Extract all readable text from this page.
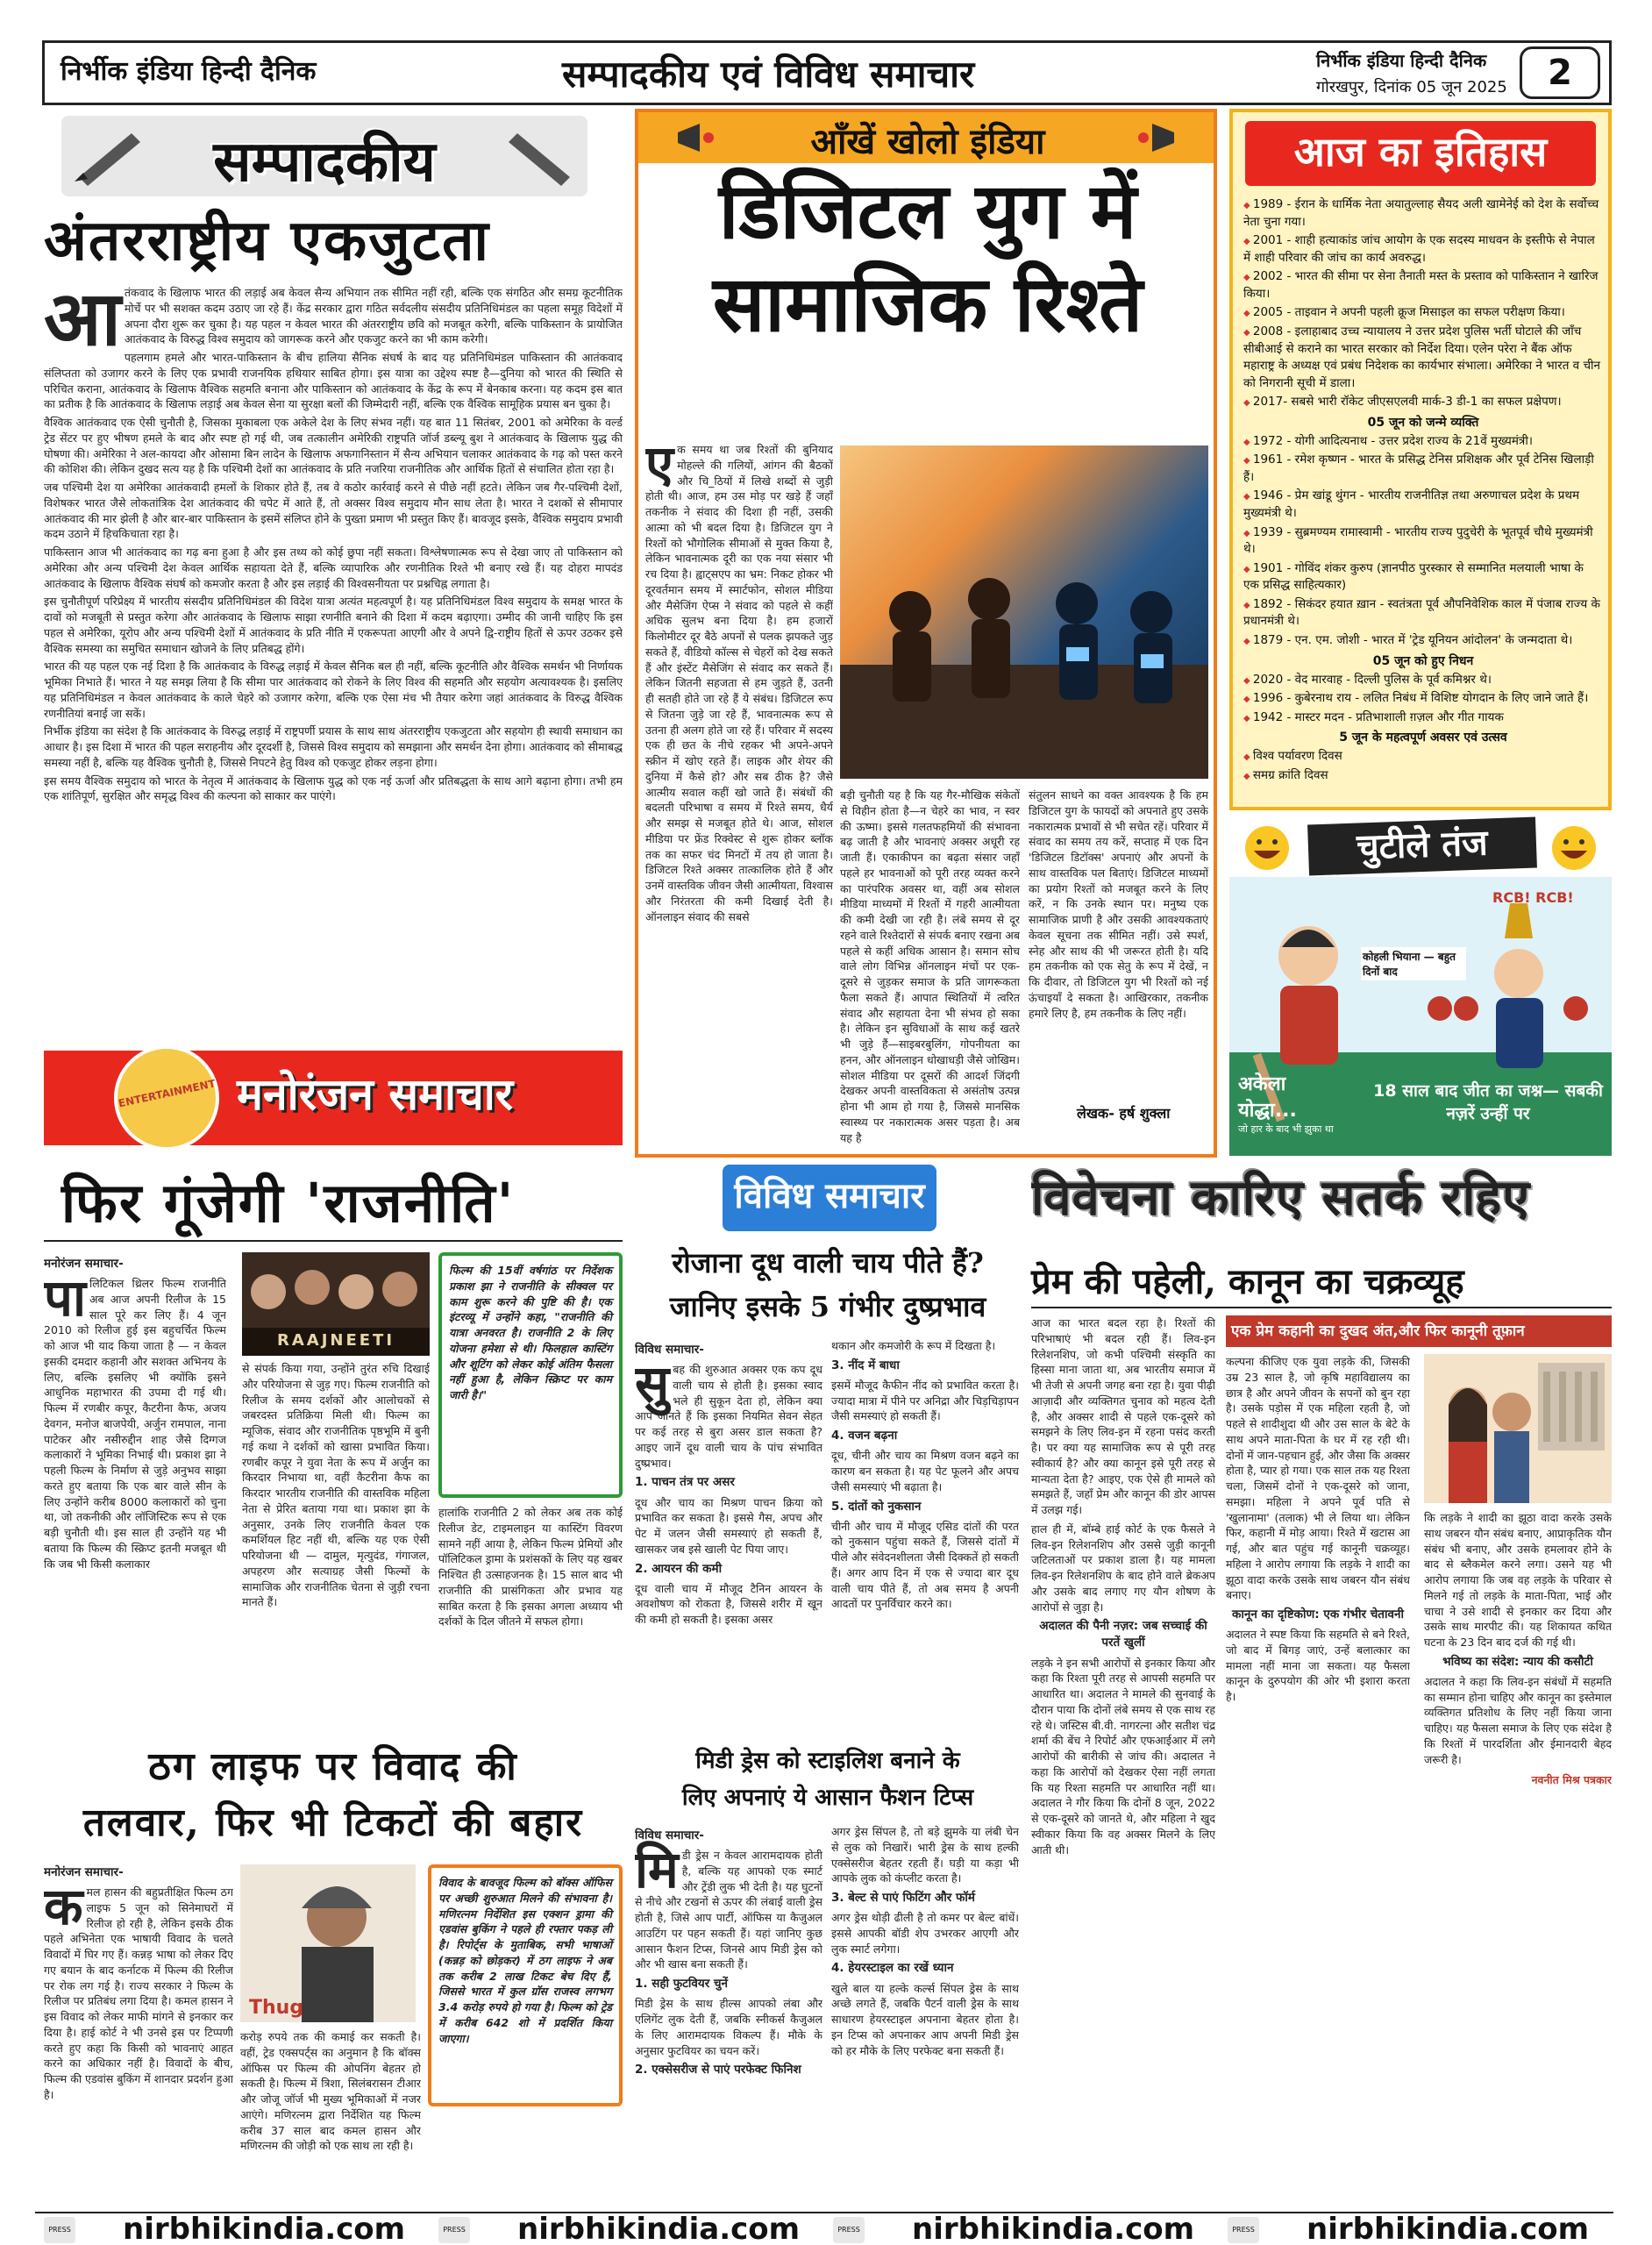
निर्भीक इंडिया हिन्दी दैनिक	सम्पादकीय एवं विविध समाचार	निर्भीक इंडिया हिन्दी दैनिक
गोरखपुर, दिनांक 05 जून 2025	2
सम्पादकीय
अंतरराष्ट्रीय एकजुटता
आ तंकवाद के खिलाफ भारत की लड़ाई अब केवल सैन्य अभियान तक सीमित नहीं रही, बल्कि एक संगठित और समग्र कूटनीतिक मोर्चे पर भी सशक्त कदम उठाए जा रहे हैं। केंद्र सरकार द्वारा गठित सर्वदलीय संसदीय प्रतिनिधिमंडल का पहला समूह विदेशों में अपना दौरा शुरू कर चुका है। यह पहल न केवल भारत की अंतरराष्ट्रीय छवि को मजबूत करेगी, बल्कि पाकिस्तान के प्रायोजित आतंकवाद के विरुद्ध विश्व समुदाय को जागरूक करने और एकजुट करने का भी काम करेगी।

पहलगाम हमले और भारत-पाकिस्तान के बीच हालिया सैनिक संघर्ष के बाद यह प्रतिनिधिमंडल पाकिस्तान की आतंकवाद संलिप्तता को उजागर करने के लिए एक प्रभावी राजनयिक हथियार साबित होगा। इस यात्रा का उद्देश्य स्पष्ट है—दुनिया को भारत की स्थिति से परिचित कराना, आतंकवाद के खिलाफ वैश्विक सहमति बनाना और पाकिस्तान को आतंकवाद के केंद्र के रूप में बेनकाब करना। यह कदम इस बात का प्रतीक है कि आतंकवाद के खिलाफ लड़ाई अब केवल सेना या सुरक्षा बलों की जिम्मेदारी नहीं, बल्कि एक वैश्विक सामूहिक प्रयास बन चुका है।

वैश्विक आतंकवाद एक ऐसी चुनौती है, जिसका मुकाबला एक अकेले देश के लिए संभव नहीं। यह बात 11 सितंबर, 2001 को अमेरिका के वर्ल्ड ट्रेड सेंटर पर हुए भीषण हमले के बाद और स्पष्ट हो गई थी, जब तत्कालीन अमेरिकी राष्ट्रपति जॉर्ज डब्ल्यू बुश ने आतंकवाद के खिलाफ युद्ध की घोषणा की। अमेरिका ने अल-कायदा और ओसामा बिन लादेन के खिलाफ अफगानिस्तान में सैन्य अभियान चलाकर आतंकवाद के गढ़ को पस्त करने की कोशिश की। लेकिन दुखद सत्य यह है कि पश्चिमी देशों का आतंकवाद के प्रति नजरिया राजनीतिक और आर्थिक हितों से संचालित होता रहा है।

जब पश्चिमी देश या अमेरिका आतंकवादी हमलों के शिकार होते हैं, तब वे कठोर कार्रवाई करने से पीछे नहीं हटते। लेकिन जब गैर-पश्चिमी देशों, विशेषकर भारत जैसे लोकतांत्रिक देश आतंकवाद की चपेट में आते हैं, तो अक्सर विश्व समुदाय मौन साध लेता है। भारत ने दशकों से सीमापार आतंकवाद की मार झेली है और बार-बार पाकिस्तान के इसमें संलिप्त होने के पुख्ता प्रमाण भी प्रस्तुत किए हैं। बावजूद इसके, वैश्विक समुदाय प्रभावी कदम उठाने में हिचकिचाता रहा है।

पाकिस्तान आज भी आतंकवाद का गढ़ बना हुआ है और इस तथ्य को कोई छुपा नहीं सकता। विश्लेषणात्मक रूप से देखा जाए तो पाकिस्तान को अमेरिका और अन्य पश्चिमी देश केवल आर्थिक सहायता देते हैं, बल्कि व्यापारिक और रणनीतिक रिश्ते भी बनाए रखे हैं। यह दोहरा मापदंड आतंकवाद के खिलाफ वैश्विक संघर्ष को कमजोर करता है और इस लड़ाई की विश्वसनीयता पर प्रश्नचिह्न लगाता है।

इस चुनौतीपूर्ण परिप्रेक्ष्य में भारतीय संसदीय प्रतिनिधिमंडल की विदेश यात्रा अत्यंत महत्वपूर्ण है। यह प्रतिनिधिमंडल विश्व समुदाय के समक्ष भारत के दावों को मजबूती से प्रस्तुत करेगा और आतंकवाद के खिलाफ साझा रणनीति बनाने की दिशा में कदम बढ़ाएगा। उम्मीद की जानी चाहिए कि इस पहल से अमेरिका, यूरोप और अन्य पश्चिमी देशों में आतंकवाद के प्रति नीति में एकरूपता आएगी और वे अपने द्वि-राष्ट्रीय हितों से ऊपर उठकर इसे वैश्विक समस्या का समुचित समाधान खोजने के लिए प्रतिबद्ध होंगे।

भारत की यह पहल एक नई दिशा है कि आतंकवाद के विरुद्ध लड़ाई में केवल सैनिक बल ही नहीं, बल्कि कूटनीति और वैश्विक समर्थन भी निर्णायक भूमिका निभाते हैं। भारत ने यह समझ लिया है कि सीमा पार आतंकवाद को रोकने के लिए विश्व की सहमति और सहयोग अत्यावश्यक है। इसलिए यह प्रतिनिधिमंडल न केवल आतंकवाद के काले चेहरे को उजागर करेगा, बल्कि एक ऐसा मंच भी तैयार करेगा जहां आतंकवाद के विरुद्ध वैश्विक रणनीतियां बनाई जा सकें।

निर्भीक इंडिया का संदेश है कि आतंकवाद के विरुद्ध लड़ाई में राष्ट्रपर्णी प्रयास के साथ साथ अंतरराष्ट्रीय एकजुटता और सहयोग ही स्थायी समाधान का आधार है। इस दिशा में भारत की पहल सराहनीय और दूरदर्शी है, जिससे विश्व समुदाय को समझाना और समर्थन देना होगा। आतंकवाद को सीमाबद्ध समस्या नहीं है, बल्कि यह वैश्विक चुनौती है, जिससे निपटने हेतु विश्व को एकजुट होकर लड़ना होगा।

इस समय वैश्विक समुदाय को भारत के नेतृत्व में आतंकवाद के खिलाफ युद्ध को एक नई ऊर्जा और प्रतिबद्धता के साथ आगे बढ़ाना होगा। तभी हम एक शांतिपूर्ण, सुरक्षित और समृद्ध विश्व की कल्पना को साकार कर पाएंगे।

आँखें खोलो इंडिया
डिजिटल युग में
सामाजिक रिश्ते
ए क समय था जब रिश्तों की बुनियाद मोहल्ले की गलियों, आंगन की बैठकों और चि_ठियों में लिखे शब्दों से जुड़ी होती थी। आज, हम उस मोड़ पर खड़े हैं जहाँ तकनीक ने संवाद की दिशा ही नहीं, उसकी आत्मा को भी बदल दिया है। डिजिटल युग ने रिश्तों को भौगोलिक सीमाओं से मुक्त किया है, लेकिन भावनात्मक दूरी का एक नया संसार भी रच दिया है। ह्वाट्सएप का भ्रम: निकट होकर भी दूरवर्तमान समय में स्मार्टफोन, सोशल मीडिया और मैसेजिंग ऐप्स ने संवाद को पहले से कहीं अधिक सुलभ बना दिया है। हम हजारों किलोमीटर दूर बैठे अपनों से पलक झपकते जुड़ सकते हैं, वीडियो कॉल्स से चेहरों को देख सकते हैं और इंस्टेंट मैसेजिंग से संवाद कर सकते हैं। लेकिन जितनी सहजता से हम जुड़ते हैं, उतनी ही सतही होते जा रहे हैं ये संबंध। डिजिटल रूप से जितना जुड़े जा रहे हैं, भावनात्मक रूप से उतना ही अलग होते जा रहे हैं। परिवार में सदस्य एक ही छत के नीचे रहकर भी अपने-अपने स्क्रीन में खोए रहते हैं। लाइक और शेयर की दुनिया में कैसे हो? और सब ठीक है? जैसे आत्मीय सवाल कहीं खो जाते हैं। संबंधों की बदलती परिभाषा व समय में रिश्ते समय, धैर्य और समझ से मजबूत होते थे। आज, सोशल मीडिया पर फ्रेंड रिक्वेस्ट से शुरू होकर ब्लॉक तक का सफर चंद मिनटों में तय हो जाता है। डिजिटल रिश्ते अक्सर तात्कालिक होते हैं और उनमें वास्तविक जीवन जैसी आत्मीयता, विश्वास और निरंतरता की कमी दिखाई देती है। ऑनलाइन संवाद की सबसे
बड़ी चुनौती यह है कि यह गैर-मौखिक संकेतों से विहीन होता है—न चेहरे का भाव, न स्वर की ऊष्मा। इससे गलतफहमियों की संभावना बढ़ जाती है और भावनाएं अक्सर अधूरी रह जाती हैं। एकाकीपन का बढ़ता संसार जहाँ पहले हर भावनाओं को पूरी तरह व्यक्त करने का पारंपरिक अवसर था, वहीं अब सोशल मीडिया माध्यमों में रिश्तों में गहरी आत्मीयता की कमी देखी जा रही है। लंबे समय से दूर रहने वाले रिश्तेदारों से संपर्क बनाए रखना अब पहले से कहीं अधिक आसान है। समान सोच वाले लोग विभिन्न ऑनलाइन मंचों पर एक-दूसरे से जुड़कर समाज के प्रति जागरूकता फैला सकते हैं। आपात स्थितियों में त्वरित संवाद और सहायता देना भी संभव हो सका है। लेकिन इन सुविधाओं के साथ कई खतरे भी जुड़े हैं—साइबरबुलिंग, गोपनीयता का हनन, और ऑनलाइन धोखाधड़ी जैसे जोखिम। सोशल मीडिया पर दूसरों की आदर्श जिंदगी देखकर अपनी वास्तविकता से असंतोष उत्पन्न होना भी आम हो गया है, जिससे मानसिक स्वास्थ्य पर नकारात्मक असर पड़ता है। अब यह है
संतुलन साधने का वक्त आवश्यक है कि हम डिजिटल युग के फायदों को अपनाते हुए उसके नकारात्मक प्रभावों से भी सचेत रहें। परिवार में संवाद का समय तय करें, सप्ताह में एक दिन 'डिजिटल डिटॉक्स' अपनाएं और अपनों के साथ वास्तविक पल बिताएं। डिजिटल माध्यमों का प्रयोग रिश्तों को मजबूत करने के लिए करें, न कि उनके स्थान पर। मनुष्य एक सामाजिक प्राणी है और उसकी आवश्यकताएं केवल सूचना तक सीमित नहीं। उसे स्पर्श, स्नेह और साथ की भी जरूरत होती है। यदि हम तकनीक को एक सेतु के रूप में देखें, न कि दीवार, तो डिजिटल युग भी रिश्तों को नई ऊंचाइयाँ दे सकता है। आखिरकार, तकनीक हमारे लिए है, हम तकनीक के लिए नहीं।
लेखक- हर्ष शुक्ला
आज का इतिहास
◆ 1989 - ईरान के धार्मिक नेता अयातुल्लाह सैयद अली खामेनेई को देश के सर्वोच्च नेता चुना गया।
◆ 2001 - शाही हत्याकांड जांच आयोग के एक सदस्य माधवन के इस्तीफे से नेपाल में शाही परिवार की जांच का कार्य अवरुद्ध।
◆ 2002 - भारत की सीमा पर सेना तैनाती मस्त के प्रस्ताव को पाकिस्तान ने खारिज किया।
◆ 2005 - ताइवान ने अपनी पहली क्रूज मिसाइल का सफल परीक्षण किया।
◆ 2008 - इलाहाबाद उच्च न्यायालय ने उत्तर प्रदेश पुलिस भर्ती घोटाले की जाँच सीबीआई से कराने का भारत सरकार को निर्देश दिया। एलेन परेरा ने बैंक ऑफ महाराष्ट्र के अध्यक्ष एवं प्रबंध निदेशक का कार्यभार संभाला। अमेरिका ने भारत व चीन को निगरानी सूची में डाला।
◆ 2017- सबसे भारी रॉकेट जीएसएलवी मार्क-3 डी-1 का सफल प्रक्षेपण।
05 जून को जन्मे व्यक्ति
◆ 1972 - योगी आदित्यनाथ - उत्तर प्रदेश राज्य के 21वें मुख्यमंत्री।
◆ 1961 - रमेश कृष्णन - भारत के प्रसिद्ध टेनिस प्रशिक्षक और पूर्व टेनिस खिलाड़ी हैं।
◆ 1946 - प्रेम खांडू थुंगन - भारतीय राजनीतिज्ञ तथा अरुणाचल प्रदेश के प्रथम मुख्यमंत्री थे।
◆ 1939 - सुब्रमण्यम रामास्वामी - भारतीय राज्य पुदुचेरी के भूतपूर्व चौथे मुख्यमंत्री थे।
◆ 1901 - गोविंद शंकर कुरुप (ज्ञानपीठ पुरस्कार से सम्मानित मलयाली भाषा के एक प्रसिद्ध साहित्यकार)
◆ 1892 - सिकंदर हयात ख़ान - स्वतंत्रता पूर्व औपनिवेशिक काल में पंजाब राज्य के प्रधानमंत्री थे।
◆ 1879 - एन. एम. जोशी - भारत में 'ट्रेड यूनियन आंदोलन' के जन्मदाता थे।
05 जून को हुए निधन
◆ 2020 - वेद मारवाह - दिल्ली पुलिस के पूर्व कमिश्नर थे।
◆ 1996 - कुबेरनाथ राय - ललित निबंध में विशिष्ट योगदान के लिए जाने जाते हैं।
◆ 1942 - मास्टर मदन - प्रतिभाशाली ग़ज़ल और गीत गायक
5 जून के महत्वपूर्ण अवसर एवं उत्सव
◆ विश्व पर्यावरण दिवस
◆ समग्र क्रांति दिवस
चुटीले तंज
RCB! RCB!
कोहली भियाना — बहुत दिनों बाद
अकेला योद्धा...
जो हार के बाद भी झुका था
18 साल बाद जीत का जश्न— सबकी नज़रें उन्हीं पर
ENTERTAINMENT मनोरंजन समाचार
फिर गूंजेगी 'राजनीति'
मनोरंजन समाचार-
पा लिटिकल थ्रिलर फिल्म राजनीति अब आज अपनी रिलीज के 15 साल पूरे कर लिए हैं। 4 जून 2010 को रिलीज हुई इस बहुचर्चित फिल्म को आज भी याद किया जाता है — न केवल इसकी दमदार कहानी और सशक्त अभिनय के लिए, बल्कि इसलिए भी क्योंकि इसने आधुनिक महाभारत की उपमा दी गई थी। फिल्म में रणबीर कपूर, कैटरीना कैफ, अजय देवगन, मनोज बाजपेयी, अर्जुन रामपाल, नाना पाटेकर और नसीरुद्दीन शाह जैसे दिग्गज कलाकारों ने भूमिका निभाई थी। प्रकाश झा ने पहली फिल्म के निर्माण से जुड़े अनुभव साझा करते हुए बताया कि एक बार वाले सीन के लिए उन्होंने करीब 8000 कलाकारों को चुना था, जो तकनीकी और लॉजिस्टिक रूप से एक बड़ी चुनौती थी। इस साल ही उन्होंने यह भी बताया कि फिल्म की स्क्रिप्ट इतनी मजबूत थी कि जब भी किसी कलाकार
RAAJNEETI
फिल्म की 15वीं वर्षगांठ पर निर्देशक प्रकाश झा ने राजनीति के सीक्वल पर काम शुरू करने की पुष्टि की है। एक इंटरव्यू में उन्होंने कहा, "राजनीति की यात्रा अनवरत है। राजनीति 2 के लिए योजना हमेशा से थी। फिलहाल कास्टिंग और शूटिंग को लेकर कोई अंतिम फैसला नहीं हुआ है, लेकिन स्क्रिप्ट पर काम जारी है।"
से संपर्क किया गया, उन्होंने तुरंत रुचि दिखाई और परियोजना से जुड़ गए। फिल्म राजनीति को रिलीज के समय दर्शकों और आलोचकों से जबरदस्त प्रतिक्रिया मिली थी। फिल्म का म्यूजिक, संवाद और राजनीतिक पृष्ठभूमि में बुनी गई कथा ने दर्शकों को खासा प्रभावित किया। रणबीर कपूर ने युवा नेता के रूप में अर्जुन का किरदार निभाया था, वहीं कैटरीना कैफ का किरदार भारतीय राजनीति की वास्तविक महिला नेता से प्रेरित बताया गया था। प्रकाश झा के अनुसार, उनके लिए राजनीति केवल एक कमर्शियल हिट नहीं थी, बल्कि यह एक ऐसी परियोजना थी — दामुल, मृत्युदंड, गंगाजल, अपहरण और सत्याग्रह जैसी फिल्मों के सामाजिक और राजनीतिक चेतना से जुड़ी रचना मानते हैं।
हालांकि राजनीति 2 को लेकर अब तक कोई रिलीज डेट, टाइमलाइन या कास्टिंग विवरण सामने नहीं आया है, लेकिन फिल्म प्रेमियों और पॉलिटिकल ड्रामा के प्रशंसकों के लिए यह खबर निश्चित ही उत्साहजनक है। 15 साल बाद भी राजनीति की प्रासंगिकता और प्रभाव यह साबित करता है कि इसका अगला अध्याय भी दर्शकों के दिल जीतने में सफल होगा।
ठग लाइफ पर विवाद की
तलवार, फिर भी टिकटों की बहार
मनोरंजन समाचार-
क मल हासन की बहुप्रतीक्षित फिल्म ठग लाइफ 5 जून को सिनेमाघरों में रिलीज हो रही है, लेकिन इसके ठीक पहले अभिनेता एक भाषायी विवाद के चलते विवादों में घिर गए हैं। कन्नड़ भाषा को लेकर दिए गए बयान के बाद कर्नाटक में फिल्म की रिलीज पर रोक लग गई है। राज्य सरकार ने फिल्म के रिलीज पर प्रतिबंध लगा दिया है। कमल हासन ने इस विवाद को लेकर माफी मांगने से इनकार कर दिया है। हाई कोर्ट ने भी उनसे इस पर टिप्पणी करते हुए कहा कि किसी को भावनाएं आहत करने का अधिकार नहीं है। विवादों के बीच, फिल्म की एडवांस बुकिंग में शानदार प्रदर्शन हुआ है।
Thug
विवाद के बावजूद फिल्म को बॉक्स ऑफिस पर अच्छी शुरुआत मिलने की संभावना है। मणिरत्नम निर्देशित इस एक्शन ड्रामा की एडवांस बुकिंग ने पहले ही रफ्तार पकड़ ली है। रिपोर्ट्स के मुताबिक, सभी भाषाओं (कन्नड़ को छोड़कर) में ठग लाइफ ने अब तक करीब 2 लाख टिकट बेच दिए हैं, जिससे भारत में कुल ग्रॉस राजस्व लगभग 3.4 करोड़ रुपये हो गया है। फिल्म को ट्रेड में करीब 642 शो में प्रदर्शित किया जाएगा।
करोड़ रुपये तक की कमाई कर सकती है। वहीं, ट्रेड एक्सपर्ट्स का अनुमान है कि बॉक्स ऑफिस पर फिल्म की ओपनिंग बेहतर हो सकती है। फिल्म में त्रिशा, सिलंबरासन टीआर और जोजू जॉर्ज भी मुख्य भूमिकाओं में नजर आएंगे। मणिरत्नम द्वारा निर्देशित यह फिल्म करीब 37 साल बाद कमल हासन और मणिरत्नम की जोड़ी को एक साथ ला रही है।
विविध समाचार
रोजाना दूध वाली चाय पीते हैं?
जानिए इसके 5 गंभीर दुष्प्रभाव
विविध समाचार-
सु बह की शुरुआत अक्सर एक कप दूध वाली चाय से होती है। इसका स्वाद भले ही सुकून देता हो, लेकिन क्या आप जानते हैं कि इसका नियमित सेवन सेहत पर कई तरह से बुरा असर डाल सकता है? आइए जानें दूध वाली चाय के पांच संभावित दुष्प्रभाव।
1. पाचन तंत्र पर असर
दूध और चाय का मिश्रण पाचन क्रिया को प्रभावित कर सकता है। इससे गैस, अपच और पेट में जलन जैसी समस्याएं हो सकती हैं, खासकर जब इसे खाली पेट पिया जाए।
2. आयरन की कमी
दूध वाली चाय में मौजूद टैनिन आयरन के अवशोषण को रोकता है, जिससे शरीर में खून की कमी हो सकती है। इसका असर
थकान और कमजोरी के रूप में दिखता है।
3. नींद में बाधा
इसमें मौजूद कैफीन नींद को प्रभावित करता है। ज्यादा मात्रा में पीने पर अनिद्रा और चिड़चिड़ापन जैसी समस्याएं हो सकती हैं।
4. वजन बढ़ना
दूध, चीनी और चाय का मिश्रण वजन बढ़ने का कारण बन सकता है। यह पेट फूलने और अपच जैसी समस्याएं भी बढ़ाता है।
5. दांतों को नुकसान
चीनी और चाय में मौजूद एसिड दांतों की परत को नुकसान पहुंचा सकते हैं, जिससे दांतों में पीले और संवेदनशीलता जैसी दिक्कतें हो सकती हैं। अगर आप दिन में एक से ज्यादा बार दूध वाली चाय पीते हैं, तो अब समय है अपनी आदतों पर पुनर्विचार करने का।
मिडी ड्रेस को स्टाइलिश बनाने के
लिए अपनाएं ये आसान फैशन टिप्स
विविध समाचार-
मि डी ड्रेस न केवल आरामदायक होती है, बल्कि यह आपको एक स्मार्ट और ट्रेंडी लुक भी देती है। यह घुटनों से नीचे और टखनों से ऊपर की लंबाई वाली ड्रेस होती है, जिसे आप पार्टी, ऑफिस या कैजुअल आउटिंग पर पहन सकती हैं। यहां जानिए कुछ आसान फैशन टिप्स, जिनसे आप मिडी ड्रेस को और भी खास बना सकती हैं।
1. सही फुटवियर चुनें
मिडी ड्रेस के साथ हील्स आपको लंबा और एलिगेंट लुक देती हैं, जबकि स्नीकर्स कैजुअल के लिए आरामदायक विकल्प हैं। मौके के अनुसार फुटवियर का चयन करें।
2. एक्सेसरीज से पाएं परफेक्ट फिनिश
अगर ड्रेस सिंपल है, तो बड़े झुमके या लंबी चेन से लुक को निखारें। भारी ड्रेस के साथ हल्की एक्सेसरीज बेहतर रहती हैं। घड़ी या कड़ा भी आपके लुक को कंप्लीट करता है।
3. बेल्ट से पाएं फिटिंग और फॉर्म
अगर ड्रेस थोड़ी ढीली है तो कमर पर बेल्ट बांधें। इससे आपकी बॉडी शेप उभरकर आएगी और लुक स्मार्ट लगेगा।
4. हेयरस्टाइल का रखें ध्यान
खुले बाल या हल्के कर्ल्स सिंपल ड्रेस के साथ अच्छे लगते हैं, जबकि पैटर्न वाली ड्रेस के साथ साधारण हेयरस्टाइल अपनाना बेहतर होता है। इन टिप्स को अपनाकर आप अपनी मिडी ड्रेस को हर मौके के लिए परफेक्ट बना सकती हैं।
विवेचना कारिए सतर्क रहिए
प्रेम की पहेली, कानून का चक्रव्यूह
आज का भारत बदल रहा है। रिश्तों की परिभाषाएं भी बदल रही हैं। लिव-इन रिलेशनशिप, जो कभी पश्चिमी संस्कृति का हिस्सा माना जाता था, अब भारतीय समाज में भी तेजी से अपनी जगह बना रहा है। युवा पीढ़ी आज़ादी और व्यक्तिगत चुनाव को महत्व देती है, और अक्सर शादी से पहले एक-दूसरे को समझने के लिए लिव-इन में रहना पसंद करती है। पर क्या यह सामाजिक रूप से पूरी तरह स्वीकार्य है? और क्या कानून इसे पूरी तरह से मान्यता देता है? आइए, एक ऐसे ही मामले को समझते हैं, जहाँ प्रेम और कानून की डोर आपस में उलझ गई।
हाल ही में, बॉम्बे हाई कोर्ट के एक फैसले ने लिव-इन रिलेशनशिप और उससे जुड़ी कानूनी जटिलताओं पर प्रकाश डाला है। यह मामला लिव-इन रिलेशनशिप के बाद होने वाले ब्रेकअप और उसके बाद लगाए गए यौन शोषण के आरोपों से जुड़ा है।
अदालत की पैनी नज़र: जब सच्चाई की परतें खुलीं
लड़के ने इन सभी आरोपों से इनकार किया और कहा कि रिश्ता पूरी तरह से आपसी सहमति पर आधारित था। अदालत ने मामले की सुनवाई के दौरान पाया कि दोनों लंबे समय से एक साथ रह रहे थे। जस्टिस बी.वी. नागरत्ना और सतीश चंद्र शर्मा की बेंच ने रिपोर्ट और एफआईआर में लगे आरोपों की बारीकी से जांच की। अदालत ने कहा कि आरोपों को देखकर ऐसा नहीं लगता कि यह रिश्ता सहमति पर आधारित नहीं था। अदालत ने गौर किया कि दोनों 8 जून, 2022 से एक-दूसरे को जानते थे, और महिला ने खुद स्वीकार किया कि वह अक्सर मिलने के लिए आती थी।
एक प्रेम कहानी का दुखद अंत,और फिर कानूनी तूफ़ान
कल्पना कीजिए एक युवा लड़के की, जिसकी उम्र 23 साल है, जो कृषि महाविद्यालय का छात्र है और अपने जीवन के सपनों को बुन रहा है। उसके पड़ोस में एक महिला रहती है, जो पहले से शादीशुदा थी और उस साल के बेटे के साथ अपने माता-पिता के घर में रह रही थी। दोनों में जान-पहचान हुई, और जैसा कि अक्सर होता है, प्यार हो गया। एक साल तक यह रिश्ता चला, जिसमें दोनों ने एक-दूसरे को जाना, समझा। महिला ने अपने पूर्व पति से 'खुलानामा' (तलाक) भी ले लिया था। लेकिन फिर, कहानी में मोड़ आया। रिश्ते में खटास आ गई, और बात पहुंच गई कानूनी चक्रव्यूह। महिला ने आरोप लगाया कि लड़के ने शादी का झूठा वादा करके उसके साथ जबरन यौन संबंध बनाए।
कानून का दृष्टिकोण: एक गंभीर चेतावनी
अदालत ने स्पष्ट किया कि सहमति से बने रिश्ते, जो बाद में बिगड़ जाएं, उन्हें बलात्कार का मामला नहीं माना जा सकता। यह फैसला कानून के दुरुपयोग की ओर भी इशारा करता है।
कि लड़के ने शादी का झूठा वादा करके उसके साथ जबरन यौन संबंध बनाए, आप्राकृतिक यौन संबंध भी बनाए, और उसके हमलावर होने के बाद से ब्लैकमेल करने लगा। उसने यह भी आरोप लगाया कि जब वह लड़के के परिवार से मिलने गई तो लड़के के माता-पिता, भाई और चाचा ने उसे शादी से इनकार कर दिया और उसके साथ मारपीट की। यह शिकायत कथित घटना के 23 दिन बाद दर्ज की गई थी।
भविष्य का संदेश: न्याय की कसौटी
अदालत ने कहा कि लिव-इन संबंधों में सहमति का सम्मान होना चाहिए और कानून का इस्तेमाल व्यक्तिगत प्रतिशोध के लिए नहीं किया जाना चाहिए। यह फैसला समाज के लिए एक संदेश है कि रिश्तों में पारदर्शिता और ईमानदारी बेहद जरूरी है।
नवनीत मिश्र पत्रकार
PRESS nirbhikindia.com	PRESS nirbhikindia.com	PRESS nirbhikindia.com	PRESS nirbhikindia.com
